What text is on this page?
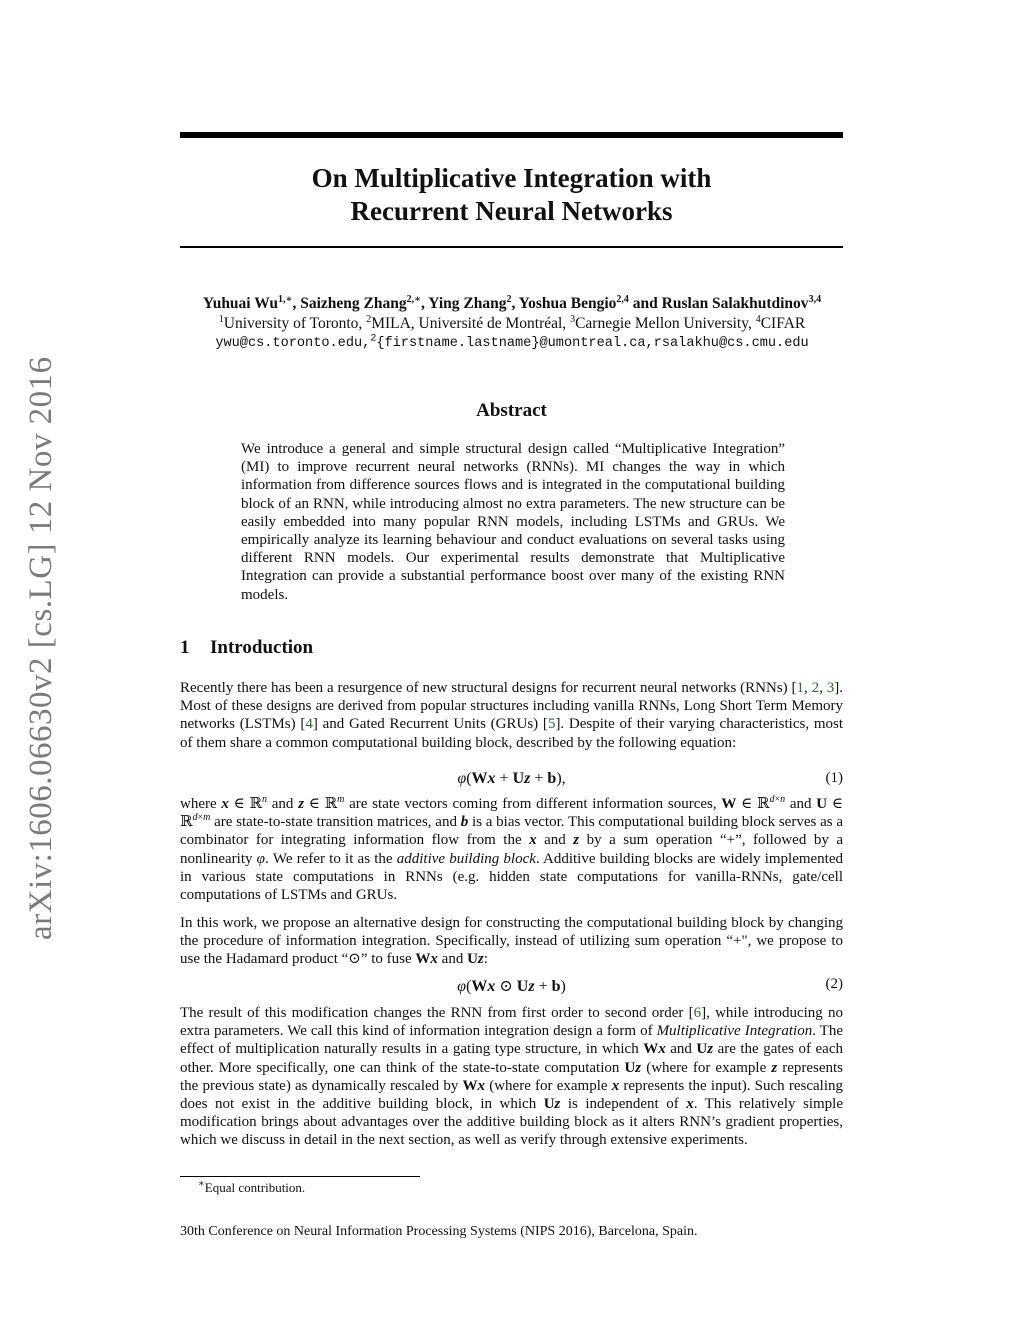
arXiv:1606.06630v2 [cs.LG] 12 Nov 2016
On Multiplicative Integration with
Recurrent Neural Networks
Yuhuai $Wu^{1,∗}$, Saizheng Zhang$^{2,∗}$, Ying Zhang$^2$, Yoshua Bengio$^{2,4}$ and Ruslan Salakhutdinov$^{3,4}$
$^1$University of Toronto, $^2$MILA, Université de Montréal, $^3$Carnegie Mellon University, $^4$CIFAR
ywu@cs.toronto.edu,$^2${firstname.lastname}@umontreal.ca,rsalakhu@cs.cmu.edu
Abstract
We introduce a general and simple structural design called “Multiplicative Integration” (MI) to improve recurrent neural networks (RNNs). MI changes the way in which information from difference sources flows and is integrated in the computational building block of an RNN, while introducing almost no extra parameters. The new structure can be easily embedded into many popular RNN models, including LSTMs and GRUs. We empirically analyze its learning behaviour and conduct evaluations on several tasks using different RNN models. Our experimental results demonstrate that Multiplicative Integration can provide a substantial performance boost over many of the existing RNN models.
1 Introduction
Recently there has been a resurgence of new structural designs for recurrent neural networks (RNNs) [1, 2, 3]. Most of these designs are derived from popular structures including vanilla RNNs, Long Short Term Memory networks (LSTMs) [4] and Gated Recurrent Units (GRUs) [5]. Despite of their varying characteristics, most of them share a common computational building block, described by the following equation:
φ(Wx + Uz + b),	(1)
where x ∈ ℝ$^n$ and z ∈ ℝ$^m$ are state vectors coming from different information sources, W ∈ ℝ$^{d\times n}$ and U ∈ ℝ$^{d\times m}$ are state-to-state transition matrices, and b is a bias vector. This computational building block serves as a combinator for integrating information flow from the x and z by a sum operation “+”, followed by a nonlinearity φ. We refer to it as the additive building block. Additive building blocks are widely implemented in various state computations in RNNs (e.g. hidden state computations for vanilla-RNNs, gate/cell computations of LSTMs and GRUs.
In this work, we propose an alternative design for constructing the computational building block by changing the procedure of information integration. Specifically, instead of utilizing sum operation “+", we propose to use the Hadamard product “⊙” to fuse Wx and Uz:
φ(Wx ⊙ Uz + b)	(2)
The result of this modification changes the RNN from first order to second order [6], while introducing no extra parameters. We call this kind of information integration design a form of Multiplicative Integration. The effect of multiplication naturally results in a gating type structure, in which Wx and Uz are the gates of each other. More specifically, one can think of the state-to-state computation Uz (where for example z represents the previous state) as dynamically rescaled by Wx (where for example x represents the input). Such rescaling does not exist in the additive building block, in which Uz is independent of x. This relatively simple modification brings about advantages over the additive building block as it alters RNN’s gradient properties, which we discuss in detail in the next section, as well as verify through extensive experiments.
∗Equal contribution.
30th Conference on Neural Information Processing Systems (NIPS 2016), Barcelona, Spain.
